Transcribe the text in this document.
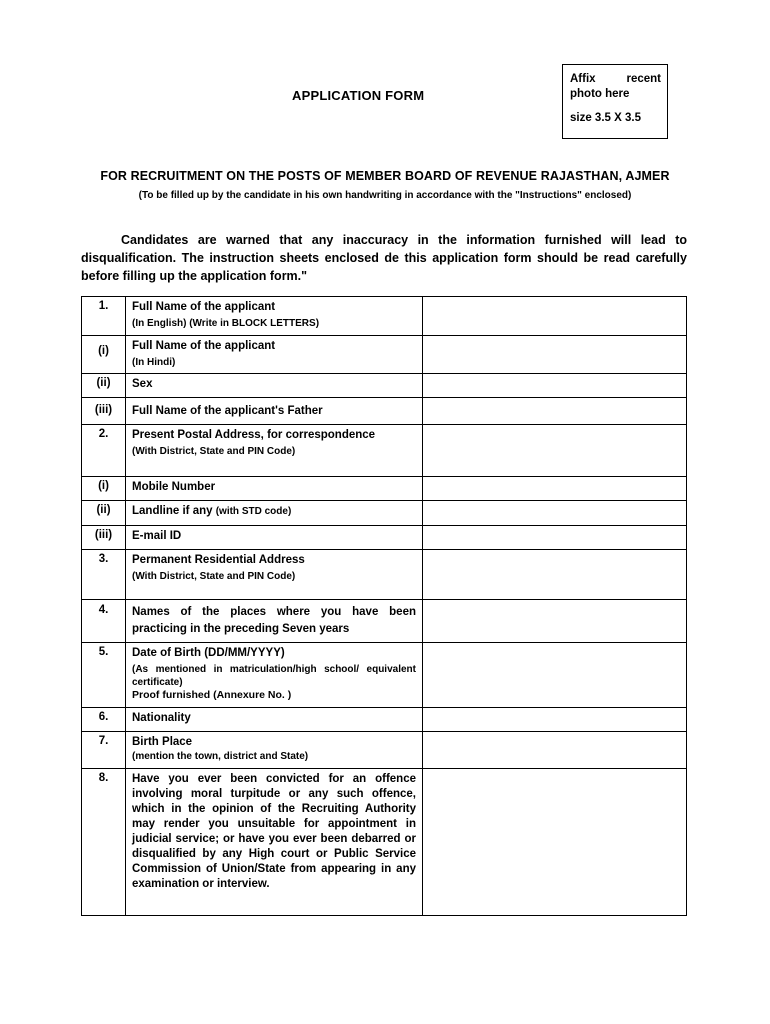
Affix	recent
photo here
size 3.5 X 3.5
APPLICATION FORM
FOR RECRUITMENT ON THE POSTS OF MEMBER BOARD OF REVENUE RAJASTHAN, AJMER
(To be filled up by the candidate in his own handwriting in accordance with the "Instructions" enclosed)
Candidates are warned that any inaccuracy in the information furnished will lead to disqualification. The instruction sheets enclosed de this application form should be read carefully before filling up the application form."
1.	Full Name of the applicant
(In English) (Write in BLOCK LETTERS)	

(i)	Full Name of the applicant
(In Hindi)	

(ii)	Sex	

(iii)	Full Name of the applicant's Father	

2.	Present Postal Address, for correspondence
(With District, State and PIN Code)	

(i)	Mobile Number	

(ii)	Landline if any (with STD code)	

(iii)	E-mail ID	

3.	Permanent Residential Address
(With District, State and PIN Code)	

4.	Names of the places where you have been practicing in the preceding Seven years	

5.	Date of Birth (DD/MM/YYYY)
(As mentioned in matriculation/high school/ equivalent certificate)
Proof furnished (Annexure No. )	

6.	Nationality	

7.	Birth Place
(mention the town, district and State)	

8.	Have you ever been convicted for an offence involving moral turpitude or any such offence, which in the opinion of the Recruiting Authority may render you unsuitable for appointment in judicial service; or have you ever been debarred or disqualified by any High court or Public Service Commission of Union/State from appearing in any examination or interview.	
